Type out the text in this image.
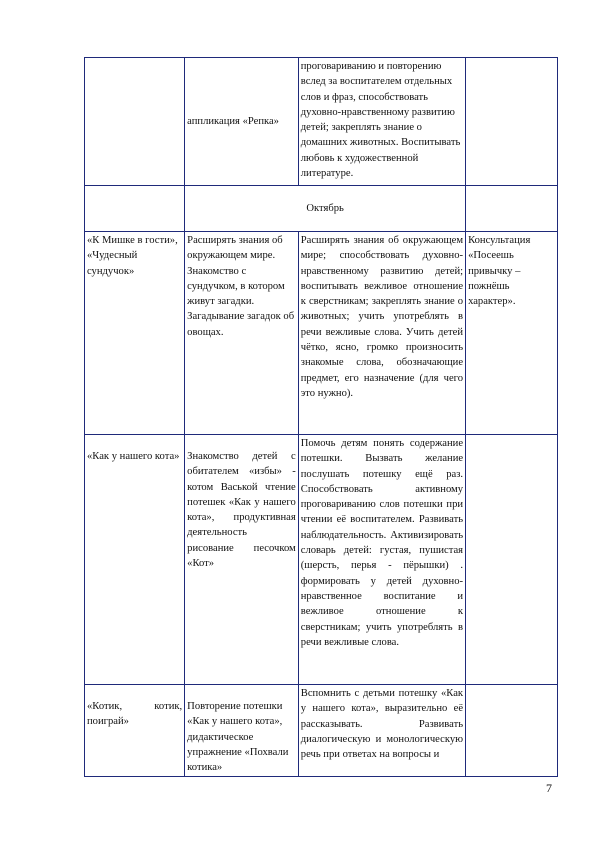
	аппликация «Репка»	проговариванию и повторению вслед за воспитателем отдельных слов и фраз, способствовать духовно-нравственному развитию детей; закреплять знание о домашних животных. Воспитывать любовь к художественной литературе.	
	Октябрь		
«К Мишке в гости», «Чудесный сундучок»	Расширять знания об окружающем мире. Знакомство с сундучком, в котором живут загадки. Загадывание загадок об овощах.	Расширять знания об окружающем мире; способствовать духовно-нравственному развитию детей; воспитывать вежливое отношение к сверстникам; закреплять знание о животных; учить употреблять в речи вежливые слова. Учить детей чётко, ясно, громко произносить знакомые слова, обозначающие предмет, его назначение (для чего это нужно).	Консультация «Посеешь привычку – пожнёшь характер».
«Как у нашего кота»	Знакомство детей с обитателем «избы» - котом Васькой чтение потешек «Как у нашего кота», продуктивная деятельность рисование песочком «Кот»	Помочь детям понять содержание потешки. Вызвать желание послушать потешку ещё раз. Способствовать активному проговариванию слов потешки при чтении её воспитателем. Развивать наблюдательность. Активизировать словарь детей: густая, пушистая (шерсть, перья - пёрышки) . формировать у детей духовно-нравственное воспитание и вежливое отношение к сверстникам; учить употреблять в речи вежливые слова.	
«Котик, котик, поиграй»	Повторение потешки «Как у нашего кота», дидактическое упражнение «Похвали котика»	Вспомнить с детьми потешку «Как у нашего кота», выразительно её рассказывать. Развивать диалогическую и монологическую речь при ответах на вопросы и	
7
